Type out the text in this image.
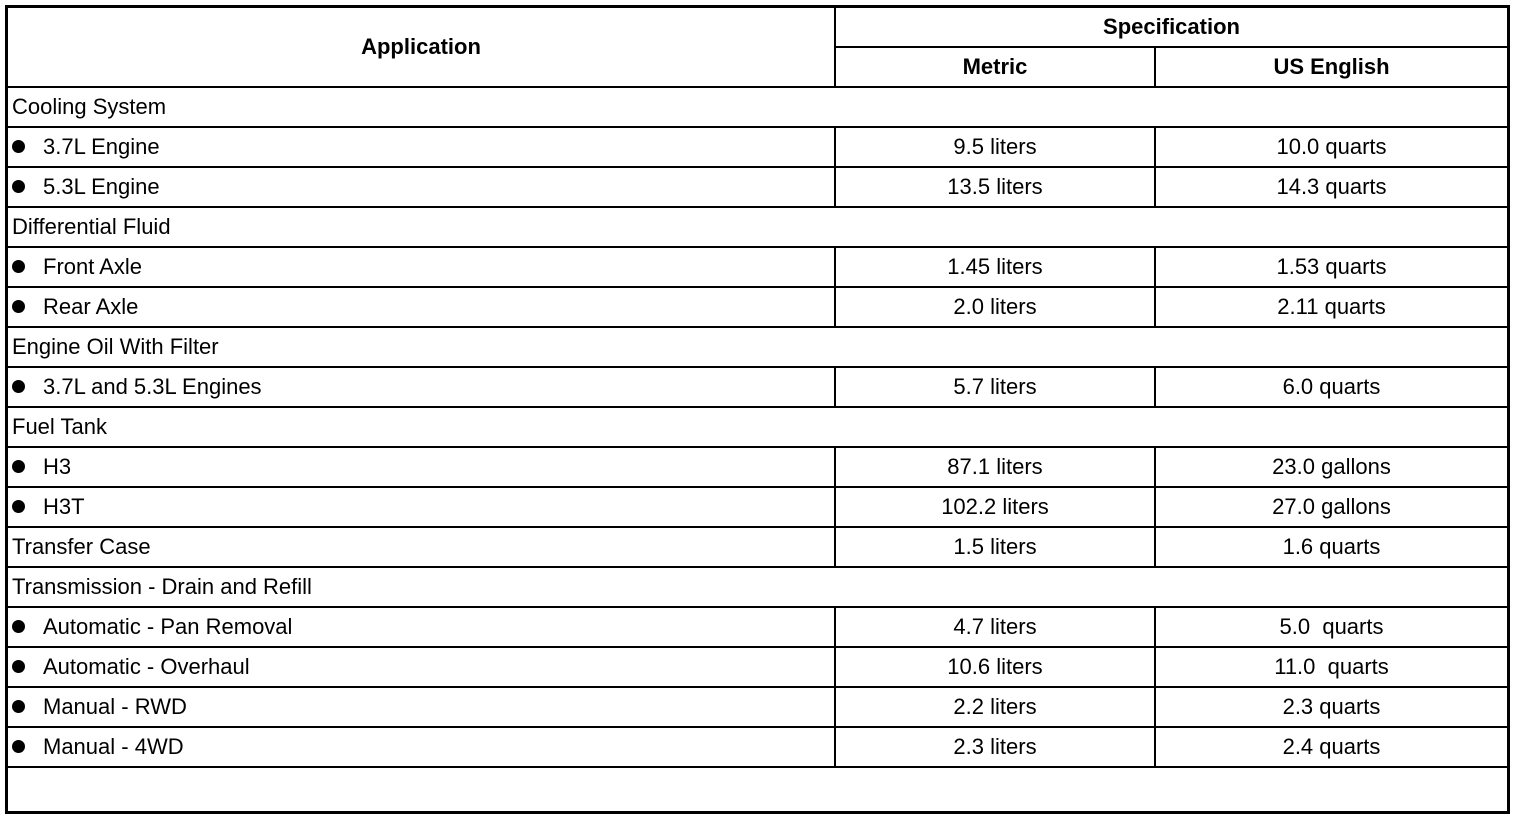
Application	Specification	
	Metric	US English
Cooling System		
3.7L Engine	9.5 liters	10.0 quarts
5.3L Engine	13.5 liters	14.3 quarts
Differential Fluid		
Front Axle	1.45 liters	1.53 quarts
Rear Axle	2.0 liters	2.11 quarts
Engine Oil With Filter		
3.7L and 5.3L Engines	5.7 liters	6.0 quarts
Fuel Tank		
H3	87.1 liters	23.0 gallons
H3T	102.2 liters	27.0 gallons
Transfer Case	1.5 liters	1.6 quarts
Transmission - Drain and Refill		
Automatic - Pan Removal	4.7 liters	5.0  quarts
Automatic - Overhaul	10.6 liters	11.0  quarts
Manual - RWD	2.2 liters	2.3 quarts
Manual - 4WD	2.3 liters	2.4 quarts
